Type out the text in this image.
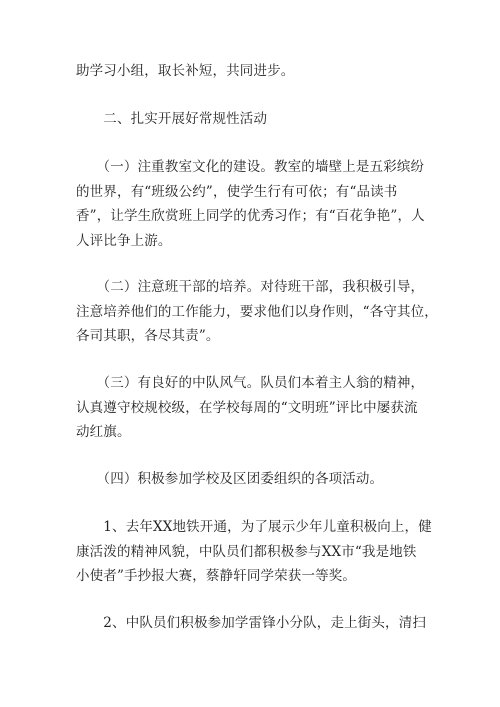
助学习小组，取长补短，共同进步。
　　二、扎实开展好常规性活动
　　（一）注重教室文化的建设。教室的墙壁上是五彩缤纷
的世界，有“班级公约”，使学生行有可依；有“品读书
香”，让学生欣赏班上同学的优秀习作；有“百花争艳”，人
人评比争上游。
　　（二）注意班干部的培养。对待班干部，我积极引导，
注意培养他们的工作能力，要求他们以身作则，“各守其位，
各司其职，各尽其责”。
　　（三）有良好的中队风气。队员们本着主人翁的精神，
认真遵守校规校级，在学校每周的“文明班”评比中屡获流
动红旗。
　　（四）积极参加学校及区团委组织的各项活动。
　　1、去年XX地铁开通，为了展示少年儿童积极向上，健
康活泼的精神风貌，中队员们都积极参与XX市“我是地铁
小使者”手抄报大赛，蔡静轩同学荣获一等奖。
　　2、中队员们积极参加学雷锋小分队，走上街头，清扫
